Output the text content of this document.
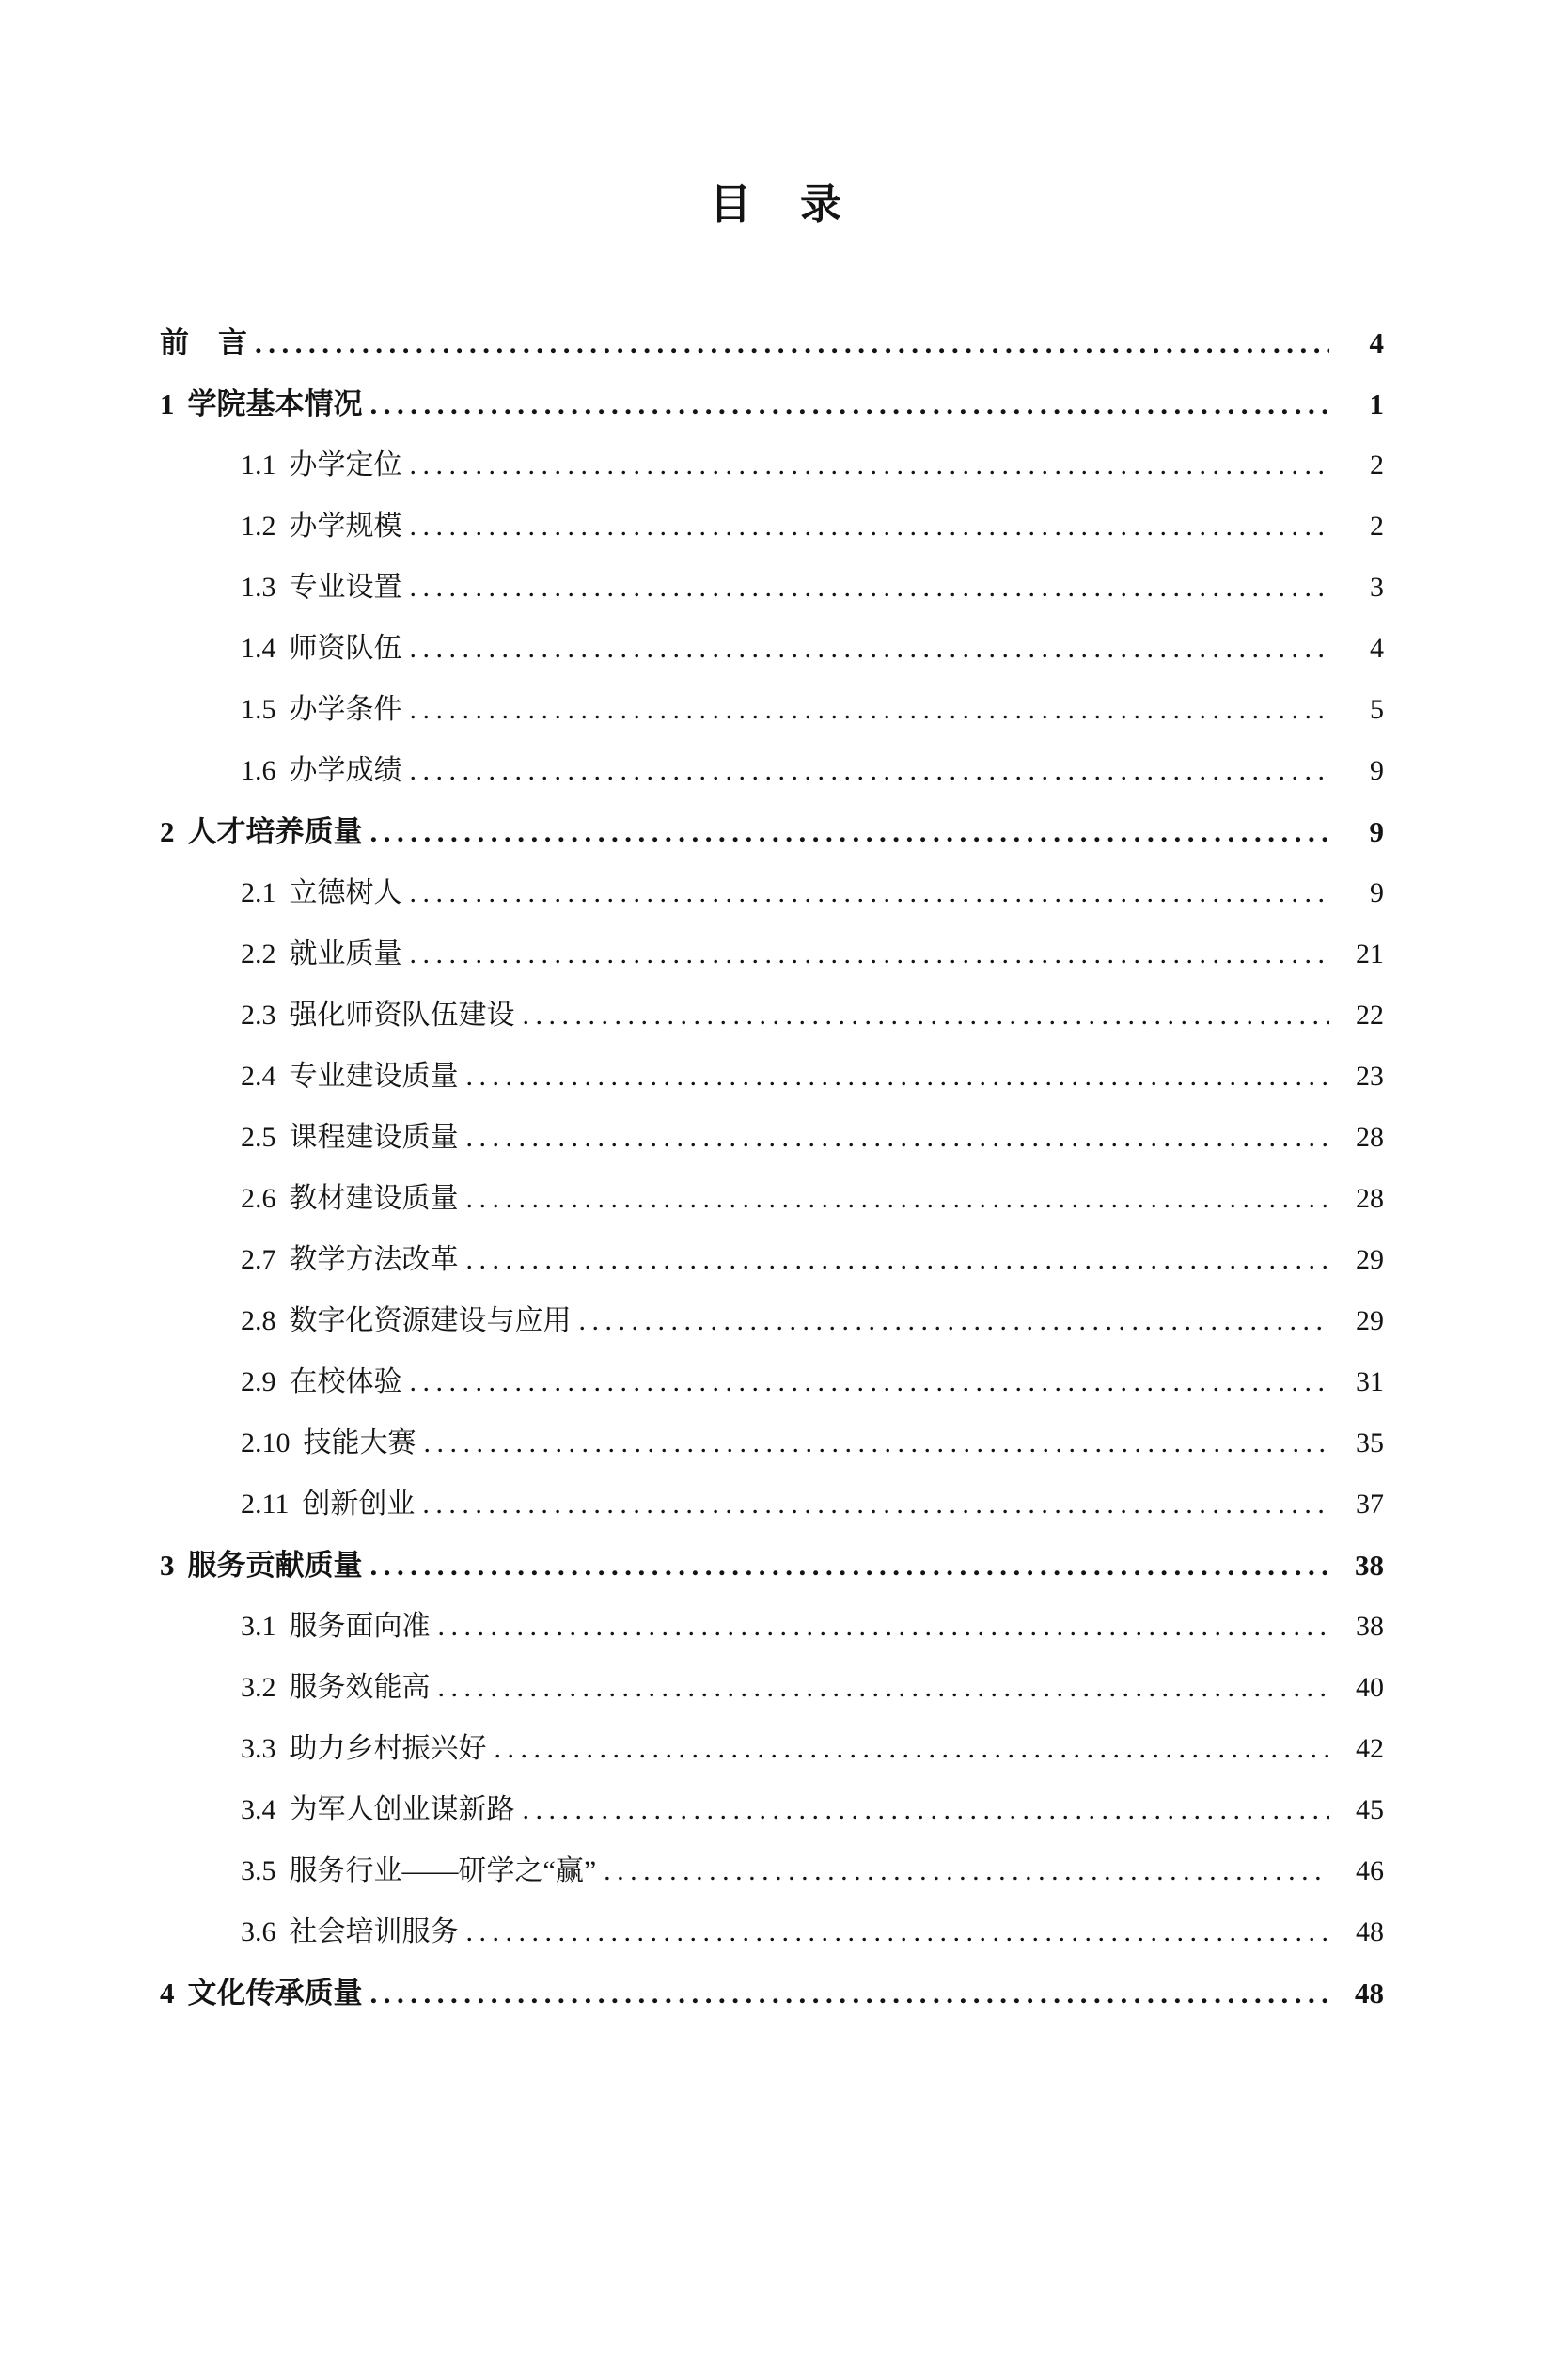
目　录
前　言 .....	4
1 学院基本情况 .....	1
1.1 办学定位 .....	2
1.2 办学规模 .....	2
1.3 专业设置 .....	3
1.4 师资队伍 .....	4
1.5 办学条件 .....	5
1.6 办学成绩 .....	9
2 人才培养质量 .....	9
2.1 立德树人 .....	9
2.2 就业质量 .....	21
2.3 强化师资队伍建设 .....	22
2.4 专业建设质量 .....	23
2.5 课程建设质量 .....	28
2.6 教材建设质量 .....	28
2.7 教学方法改革 .....	29
2.8 数字化资源建设与应用 .....	29
2.9 在校体验 .....	31
2.10 技能大赛 .....	35
2.11 创新创业 .....	37
3 服务贡献质量 .....	38
3.1 服务面向准 .....	38
3.2 服务效能高 .....	40
3.3 助力乡村振兴好 .....	42
3.4 为军人创业谋新路 .....	45
3.5 服务行业——研学之“赢” .....	46
3.6 社会培训服务 .....	48
4 文化传承质量 .....	48
